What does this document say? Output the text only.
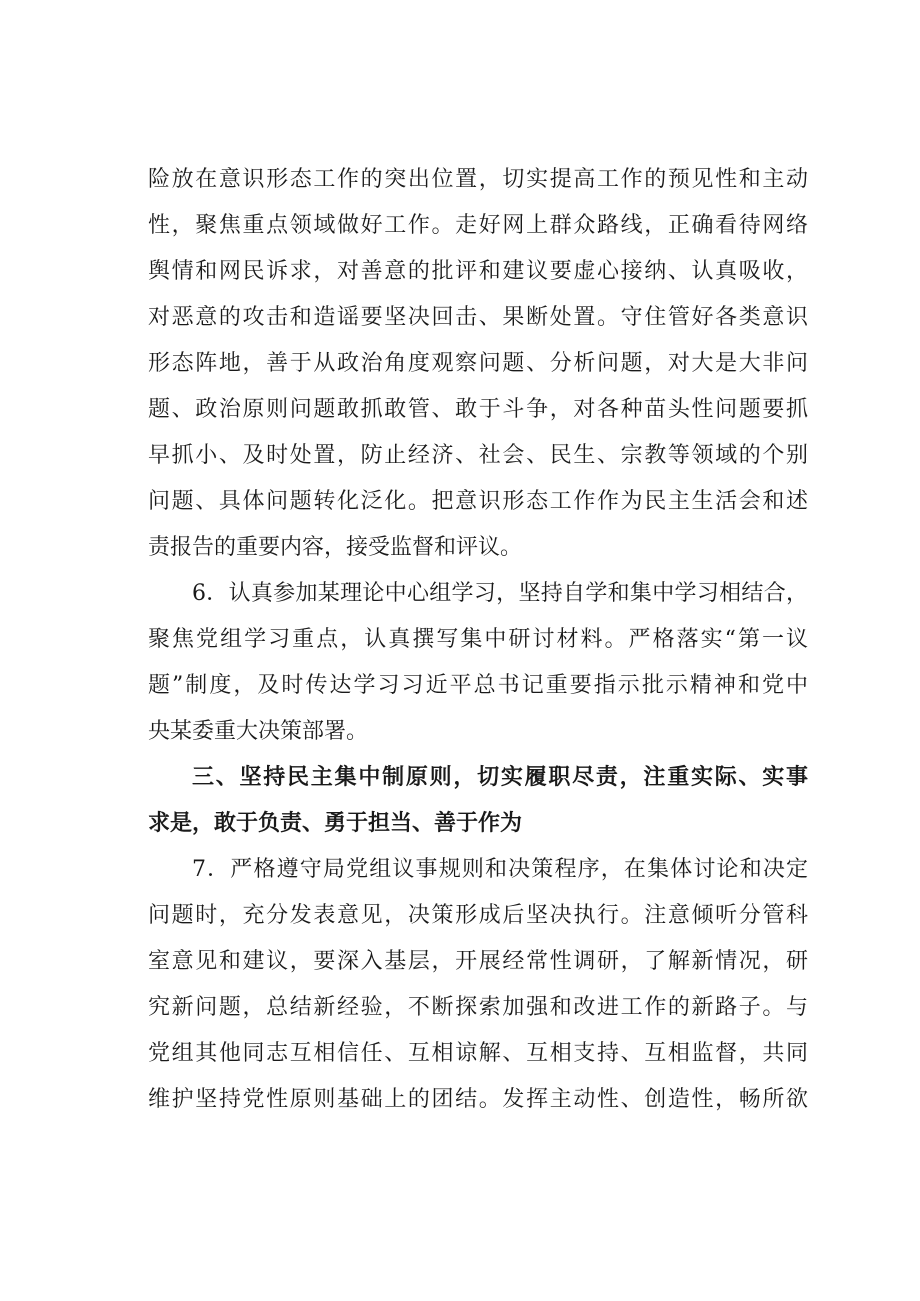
险放在意识形态工作的突出位置，切实提高工作的预见性和主动
性，聚焦重点领域做好工作。走好网上群众路线，正确看待网络
舆情和网民诉求，对善意的批评和建议要虚心接纳、认真吸收，
对恶意的攻击和造谣要坚决回击、果断处置。守住管好各类意识
形态阵地，善于从政治角度观察问题、分析问题，对大是大非问
题、政治原则问题敢抓敢管、敢于斗争，对各种苗头性问题要抓
早抓小、及时处置，防止经济、社会、民生、宗教等领域的个别
问题、具体问题转化泛化。把意识形态工作作为民主生活会和述
责报告的重要内容，接受监督和评议。
6．认真参加某理论中心组学习，坚持自学和集中学习相结合，
聚焦党组学习重点，认真撰写集中研讨材料。严格落实“第一议
题”制度，及时传达学习习近平总书记重要指示批示精神和党中
央某委重大决策部署。
三、坚持民主集中制原则，切实履职尽责，注重实际、实事
求是，敢于负责、勇于担当、善于作为
7．严格遵守局党组议事规则和决策程序，在集体讨论和决定
问题时，充分发表意见，决策形成后坚决执行。注意倾听分管科
室意见和建议，要深入基层，开展经常性调研，了解新情况，研
究新问题，总结新经验，不断探索加强和改进工作的新路子。与
党组其他同志互相信任、互相谅解、互相支持、互相监督，共同
维护坚持党性原则基础上的团结。发挥主动性、创造性，畅所欲
